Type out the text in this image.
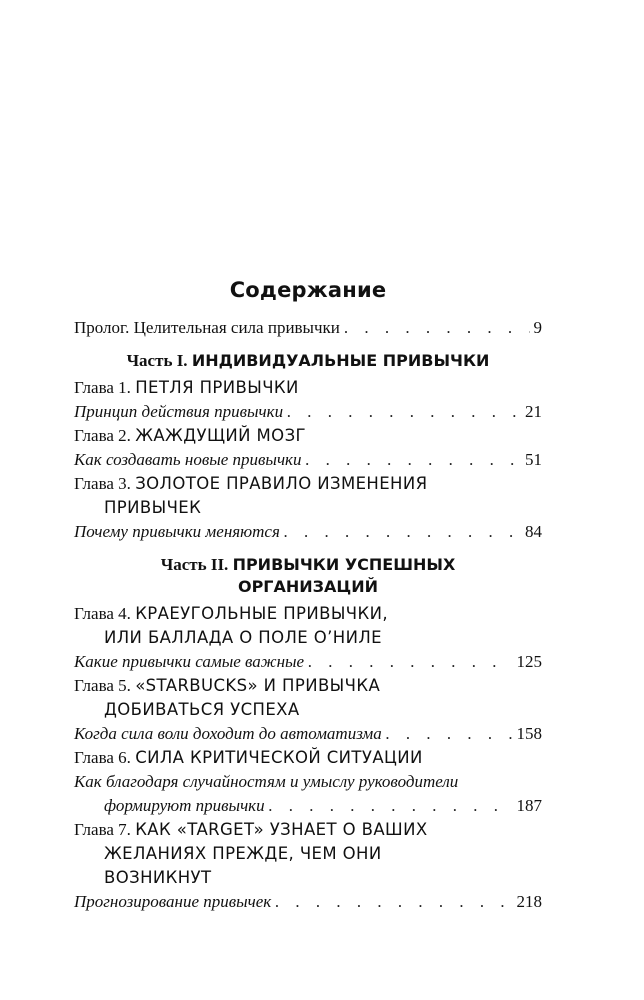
Содержание
Пролог. Целительная сила привычки . . .	9
Часть I. ИНДИВИДУАЛЬНЫЕ ПРИВЫЧКИ
Глава 1. ПЕТЛЯ ПРИВЫЧКИ
Принцип действия привычки . . .	21
Глава 2. ЖАЖДУЩИЙ МОЗГ
Как создавать новые привычки . . .	51
Глава 3. ЗОЛОТОЕ ПРАВИЛО ИЗМЕНЕНИЯ
ПРИВЫЧЕК
Почему привычки меняются . . .	84
Часть II. ПРИВЫЧКИ УСПЕШНЫХ
ОРГАНИЗАЦИЙ
Глава 4. КРАЕУГОЛЬНЫЕ ПРИВЫЧКИ,
ИЛИ БАЛЛАДА О ПОЛЕ О’НИЛЕ
Какие привычки самые важные . . .	125
Глава 5. «STARBUCKS» И ПРИВЫЧКА
ДОБИВАТЬСЯ УСПЕХА
Когда сила воли доходит до автоматизма . . .	158
Глава 6. СИЛА КРИТИЧЕСКОЙ СИТУАЦИИ
Как благодаря случайностям и умыслу руководители
формируют привычки . . .	187
Глава 7. КАК «TARGET» УЗНАЕТ О ВАШИХ
ЖЕЛАНИЯХ ПРЕЖДЕ, ЧЕМ ОНИ
ВОЗНИКНУТ
Прогнозирование привычек . . .	218
